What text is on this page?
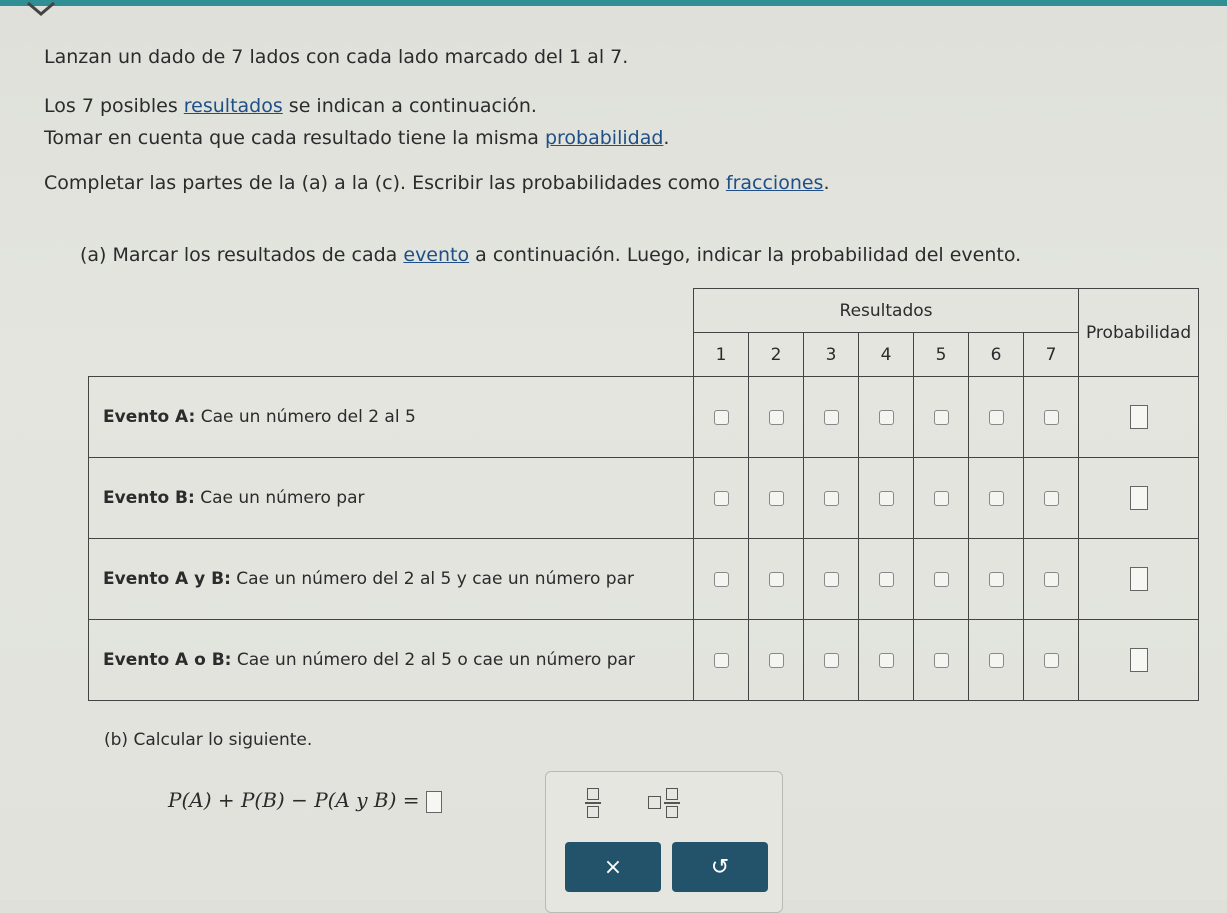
Lanzan un dado de 7 lados con cada lado marcado del 1 al 7.
Los 7 posibles resultados se indican a continuación.
Tomar en cuenta que cada resultado tiene la misma probabilidad.
Completar las partes de la (a) a la (c). Escribir las probabilidades como fracciones.
(a) Marcar los resultados de cada evento a continuación. Luego, indicar la probabilidad del evento.
	Resultados							Probabilidad
	1	2	3	4	5	6	7	
Evento A: Cae un número del 2 al 5								
Evento B: Cae un número par								
Evento A y B: Cae un número del 2 al 5 y cae un número par								
Evento A o B: Cae un número del 2 al 5 o cae un número par								
(b) Calcular lo siguiente.
P(A) + P(B) − P(A y B) =
×	↺
